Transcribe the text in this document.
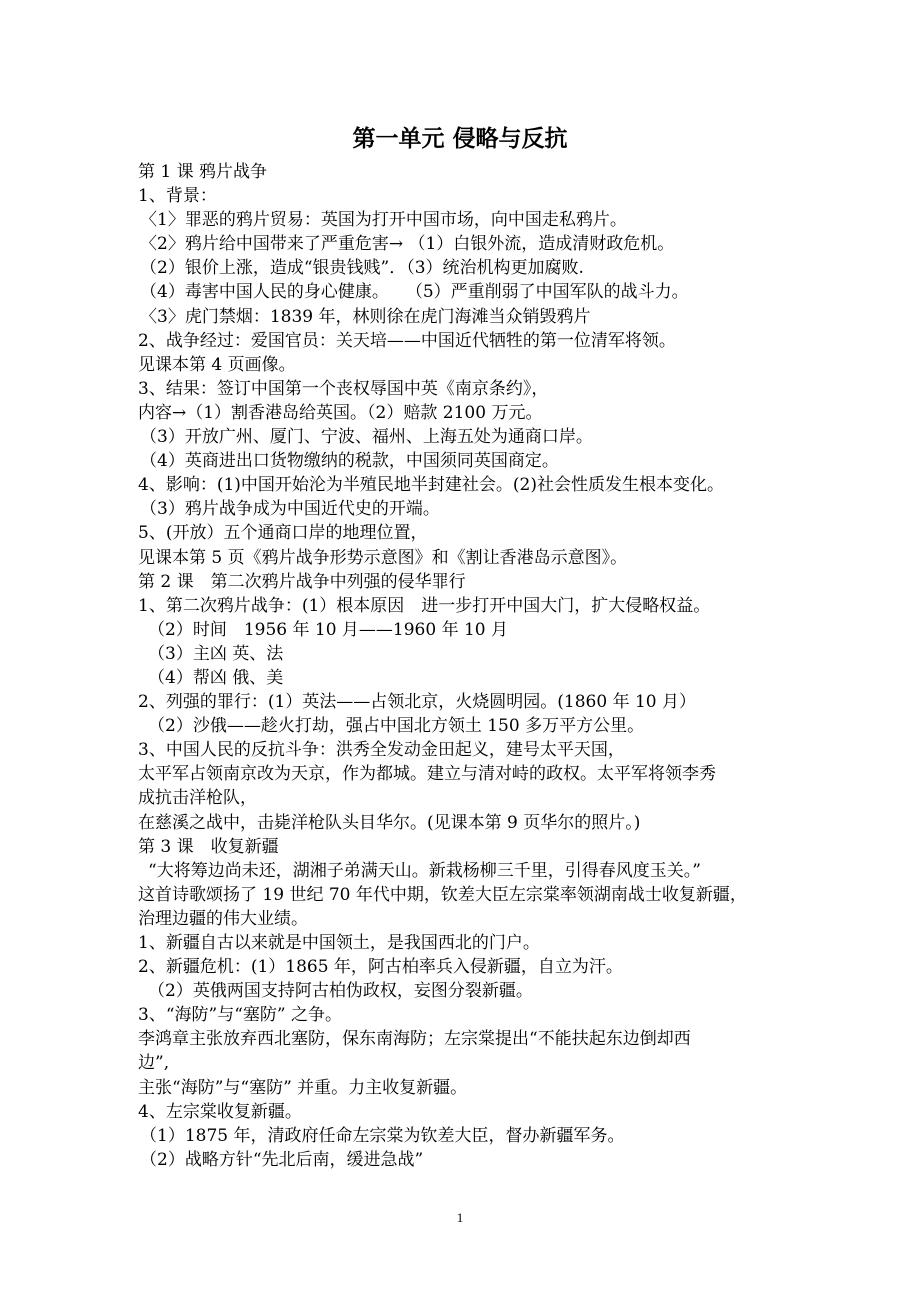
第一单元 侵略与反抗
第 1 课 鸦片战争
1、背景：
〈1〉罪恶的鸦片贸易：英国为打开中国市场，向中国走私鸦片。
〈2〉鸦片给中国带来了严重危害→ （1）白银外流，造成清财政危机。
（2）银价上涨，造成“银贵钱贱”．（3）统治机构更加腐败.
（4）毒害中国人民的身心健康。　　（5）严重削弱了中国军队的战斗力。
〈3〉虎门禁烟：1839 年，林则徐在虎门海滩当众销毁鸦片
2、战争经过：爱国官员：关天培——中国近代牺牲的第一位清军将领。
见课本第 4 页画像。
3、结果：签订中国第一个丧权辱国中英《南京条约》，
内容→（1）割香港岛给英国。（2）赔款 2100 万元。
（3）开放广州、厦门、宁波、福州、上海五处为通商口岸。
（4）英商进出口货物缴纳的税款，中国须同英国商定。
4、影响：(1)中国开始沦为半殖民地半封建社会。(2)社会性质发生根本变化。
（3）鸦片战争成为中国近代史的开端。
5、(开放）五个通商口岸的地理位置，
见课本第 5 页《鸦片战争形势示意图》和《割让香港岛示意图》。
第 2 课　第二次鸦片战争中列强的侵华罪行
1、第二次鸦片战争：(1）根本原因　进一步打开中国大门，扩大侵略权益。
（2）时间　1956 年 10 月——1960 年 10 月
（3）主凶 英、法
（4）帮凶 俄、美
2、列强的罪行：(1）英法——占领北京，火烧圆明园。(1860 年 10 月）
（2）沙俄——趁火打劫，强占中国北方领土 150 多万平方公里。
3、中国人民的反抗斗争：洪秀全发动金田起义，建号太平天国，
太平军占领南京改为天京，作为都城。建立与清对峙的政权。太平军将领李秀
成抗击洋枪队，
在慈溪之战中，击毙洋枪队头目华尔。(见课本第 9 页华尔的照片。)
第 3 课　收复新疆
“大将筹边尚未还，湖湘子弟满天山。新栽杨柳三千里，引得春风度玉关。”
这首诗歌颂扬了 19 世纪 70 年代中期，钦差大臣左宗棠率领湖南战士收复新疆，
治理边疆的伟大业绩。
1、新疆自古以来就是中国领土，是我国西北的门户。
2、新疆危机：(1）1865 年，阿古柏率兵入侵新疆，自立为汗。
（2）英俄两国支持阿古柏伪政权，妄图分裂新疆。
3、“海防”与“塞防” 之争。
李鸿章主张放弃西北塞防，保东南海防；左宗棠提出“不能扶起东边倒却西
边”,
主张“海防”与“塞防” 并重。力主收复新疆。
4、左宗棠收复新疆。
（1）1875 年，清政府任命左宗棠为钦差大臣，督办新疆军务。
（2）战略方针“先北后南，缓进急战”
1
